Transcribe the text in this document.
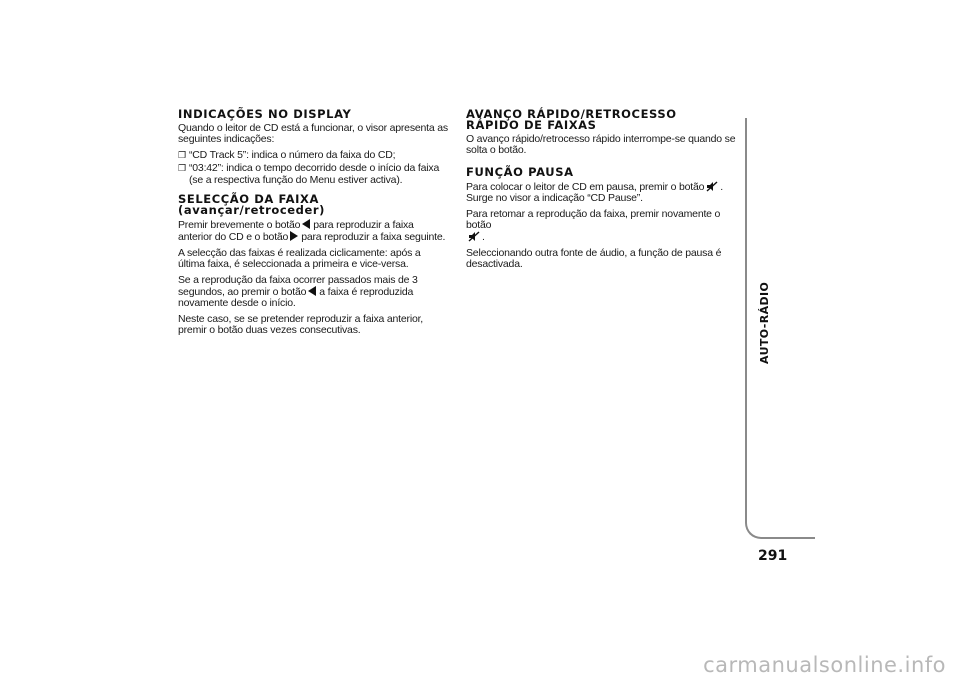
INDICAÇÕES NO DISPLAY

Quando o leitor de CD está a funcionar, o visor apresenta as seguintes indicações:

❒ “CD Track 5”: indica o número da faixa do CD;
❒ “03:42”: indica o tempo decorrido desde o início da faixa (se a respectiva função do Menu estiver activa).
SELECÇÃO DA FAIXA
(avançar/retroceder)

Premir brevemente o botão para reproduzir a faixa anterior do CD e o botão para reproduzir a faixa seguinte.

A selecção das faixas é realizada ciclicamente: após a última faixa, é seleccionada a primeira e vice-versa.

Se a reprodução da faixa ocorrer passados mais de 3 segundos, ao premir o botão a faixa é reproduzida novamente desde o início.

Neste caso, se se pretender reproduzir a faixa anterior, premir o botão duas vezes consecutivas.

AVANÇO RÁPIDO/RETROCESSO
RÁPIDO DE FAIXAS

O avanço rápido/retrocesso rápido interrompe-se quando se solta o botão.

FUNÇÃO PAUSA

Para colocar o leitor de CD em pausa, premir o botão . Surge no visor a indicação “CD Pause”.

Para retomar a reprodução da faixa, premir novamente o botão
.

Seleccionando outra fonte de áudio, a função de pausa é desactivada.

AUTO-RÁDIO
291
carmanualsonline.info
